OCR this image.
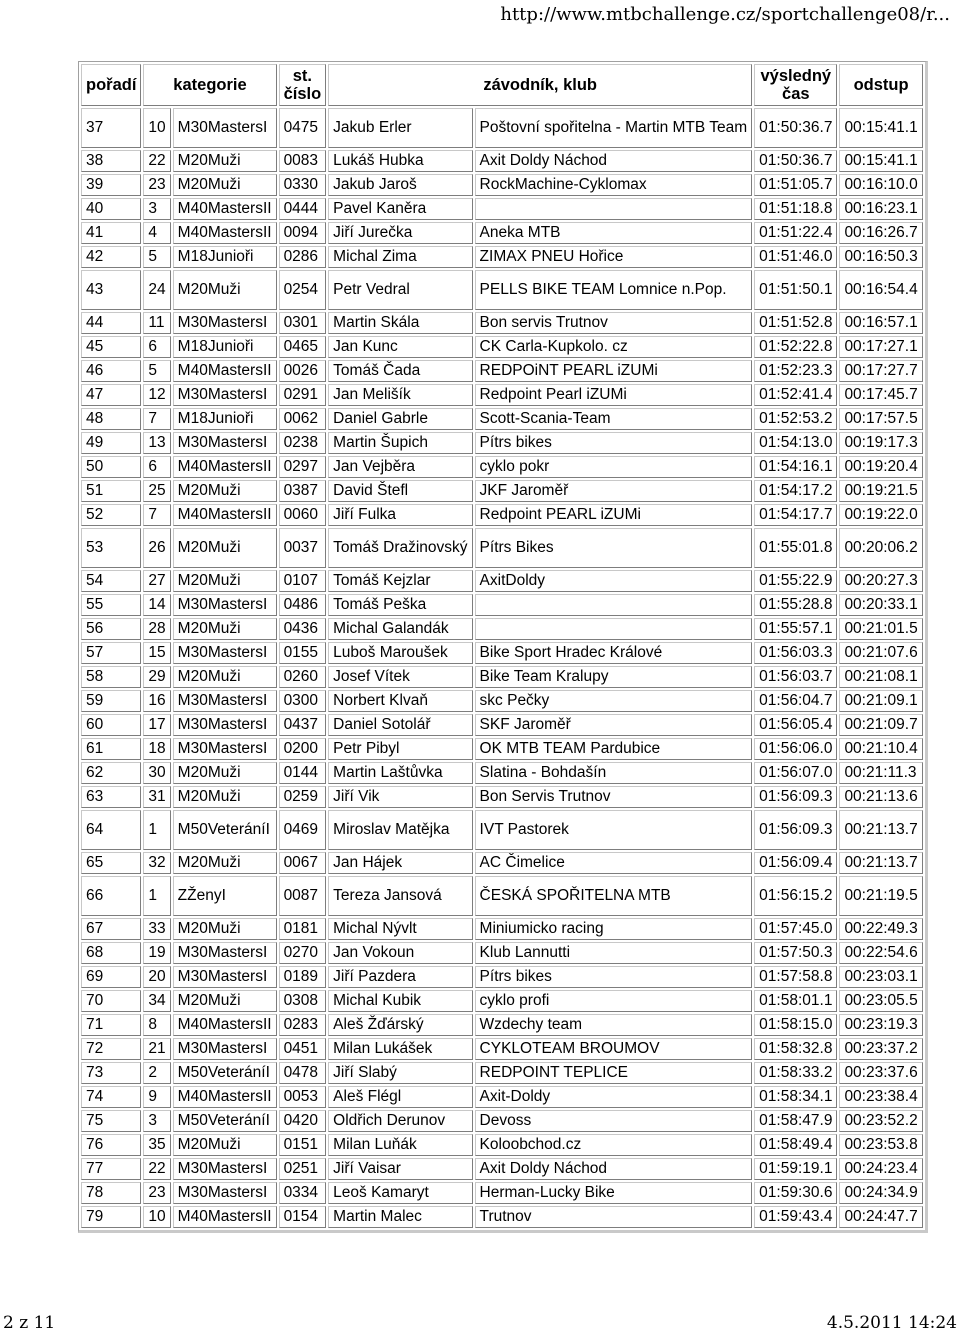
http://www.mtbchallenge.cz/sportchallenge08/r...
pořadí	kategorie		st. číslo	závodník, klub		výsledný čas	odstup
37	10	M30MastersI	0475	Jakub Erler	Poštovní spořitelna - Martin MTB Team	01:50:36.7	00:15:41.1
38	22	M20Muži	0083	Lukáš Hubka	Axit Doldy Náchod	01:50:36.7	00:15:41.1
39	23	M20Muži	0330	Jakub Jaroš	RockMachine-Cyklomax	01:51:05.7	00:16:10.0
40	3	M40MastersII	0444	Pavel Kaněra		01:51:18.8	00:16:23.1
41	4	M40MastersII	0094	Jiří Jurečka	Aneka MTB	01:51:22.4	00:16:26.7
42	5	M18Junioři	0286	Michal Zima	ZIMAX PNEU Hořice	01:51:46.0	00:16:50.3
43	24	M20Muži	0254	Petr Vedral	PELLS BIKE TEAM Lomnice n.Pop.	01:51:50.1	00:16:54.4
44	11	M30MastersI	0301	Martin Skála	Bon servis Trutnov	01:51:52.8	00:16:57.1
45	6	M18Junioři	0465	Jan Kunc	CK Carla-Kupkolo. cz	01:52:22.8	00:17:27.1
46	5	M40MastersII	0026	Tomáš Čada	REDPOiNT PEARL iZUMi	01:52:23.3	00:17:27.7
47	12	M30MastersI	0291	Jan Melišík	Redpoint Pearl iZUMi	01:52:41.4	00:17:45.7
48	7	M18Junioři	0062	Daniel Gabrle	Scott-Scania-Team	01:52:53.2	00:17:57.5
49	13	M30MastersI	0238	Martin Šupich	Pítrs bikes	01:54:13.0	00:19:17.3
50	6	M40MastersII	0297	Jan Vejběra	cyklo pokr	01:54:16.1	00:19:20.4
51	25	M20Muži	0387	David Štefl	JKF Jaroměř	01:54:17.2	00:19:21.5
52	7	M40MastersII	0060	Jiří Fulka	Redpoint PEARL iZUMi	01:54:17.7	00:19:22.0
53	26	M20Muži	0037	Tomáš Dražinovský	Pítrs Bikes	01:55:01.8	00:20:06.2
54	27	M20Muži	0107	Tomáš Kejzlar	AxitDoldy	01:55:22.9	00:20:27.3
55	14	M30MastersI	0486	Tomáš Peška		01:55:28.8	00:20:33.1
56	28	M20Muži	0436	Michal Galandák		01:55:57.1	00:21:01.5
57	15	M30MastersI	0155	Luboš Maroušek	Bike Sport Hradec Králové	01:56:03.3	00:21:07.6
58	29	M20Muži	0260	Josef Vítek	Bike Team Kralupy	01:56:03.7	00:21:08.1
59	16	M30MastersI	0300	Norbert Klvaň	skc Pečky	01:56:04.7	00:21:09.1
60	17	M30MastersI	0437	Daniel Sotolář	SKF Jaroměř	01:56:05.4	00:21:09.7
61	18	M30MastersI	0200	Petr Pibyl	OK MTB TEAM Pardubice	01:56:06.0	00:21:10.4
62	30	M20Muži	0144	Martin Laštůvka	Slatina - Bohdašín	01:56:07.0	00:21:11.3
63	31	M20Muži	0259	Jiří Vik	Bon Servis Trutnov	01:56:09.3	00:21:13.6
64	1	M50VeteráníI	0469	Miroslav Matějka	IVT Pastorek	01:56:09.3	00:21:13.7
65	32	M20Muži	0067	Jan Hájek	AC Čimelice	01:56:09.4	00:21:13.7
66	1	ZŽenyI	0087	Tereza Jansová	ČESKÁ SPOŘITELNA MTB	01:56:15.2	00:21:19.5
67	33	M20Muži	0181	Michal Nývlt	Miniumicko racing	01:57:45.0	00:22:49.3
68	19	M30MastersI	0270	Jan Vokoun	Klub Lannutti	01:57:50.3	00:22:54.6
69	20	M30MastersI	0189	Jiří Pazdera	Pítrs bikes	01:57:58.8	00:23:03.1
70	34	M20Muži	0308	Michal Kubik	cyklo profi	01:58:01.1	00:23:05.5
71	8	M40MastersII	0283	Aleš Žďárský	Wzdechy team	01:58:15.0	00:23:19.3
72	21	M30MastersI	0451	Milan Lukášek	CYKLOTEAM BROUMOV	01:58:32.8	00:23:37.2
73	2	M50VeteráníI	0478	Jiří Slabý	REDPOINT TEPLICE	01:58:33.2	00:23:37.6
74	9	M40MastersII	0053	Aleš Flégl	Axit-Doldy	01:58:34.1	00:23:38.4
75	3	M50VeteráníI	0420	Oldřich Derunov	Devoss	01:58:47.9	00:23:52.2
76	35	M20Muži	0151	Milan Luňák	Koloobchod.cz	01:58:49.4	00:23:53.8
77	22	M30MastersI	0251	Jiří Vaisar	Axit Doldy Náchod	01:59:19.1	00:24:23.4
78	23	M30MastersI	0334	Leoš Kamaryt	Herman-Lucky Bike	01:59:30.6	00:24:34.9
79	10	M40MastersII	0154	Martin Malec	Trutnov	01:59:43.4	00:24:47.7
2 z 11	4.5.2011 14:24
